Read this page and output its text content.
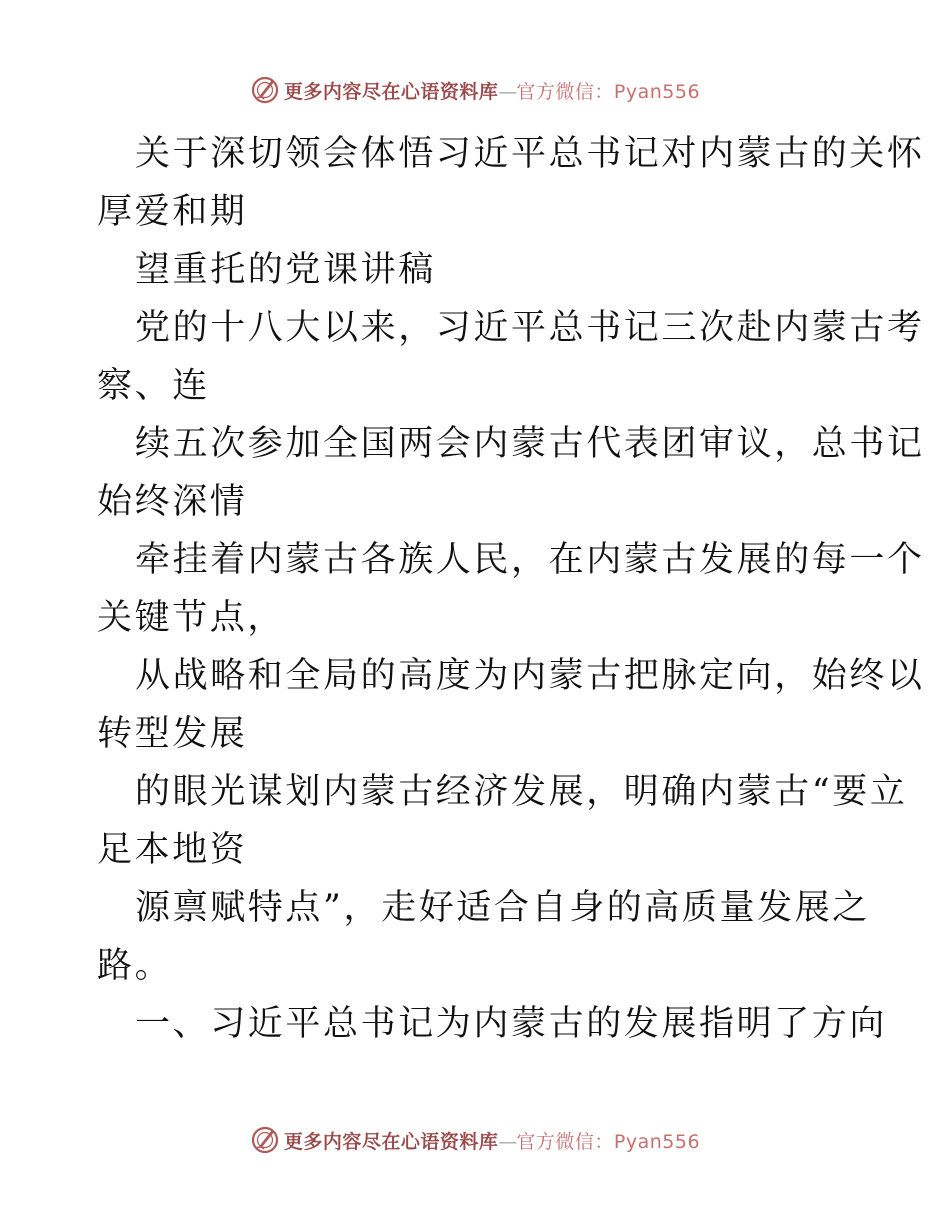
更多内容尽在心语资料库—官方微信：Pyan556
关于深切领会体悟习近平总书记对内蒙古的关怀
厚爱和期
望重托的党课讲稿
党的十八大以来，习近平总书记三次赴内蒙古考
察、连
续五次参加全国两会内蒙古代表团审议，总书记
始终深情
牵挂着内蒙古各族人民，在内蒙古发展的每一个
关键节点，
从战略和全局的高度为内蒙古把脉定向，始终以
转型发展
的眼光谋划内蒙古经济发展，明确内蒙古“要立
足本地资
源禀赋特点”，走好适合自身的高质量发展之
路。
一、习近平总书记为内蒙古的发展指明了方向
更多内容尽在心语资料库—官方微信：Pyan556
